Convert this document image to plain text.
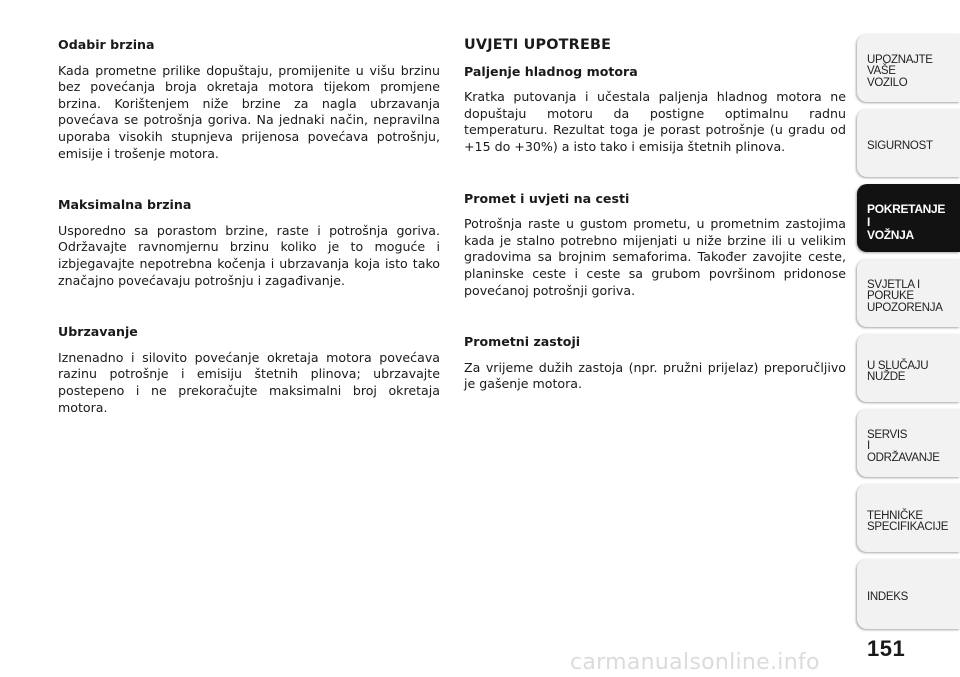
Odabir brzina

Kada prometne prilike dopuštaju, promijenite u višu brzinu bez povećanja broja okretaja motora tijekom promjene brzina. Korištenjem niže brzine za nagla ubrzavanja povećava se potrošnja goriva. Na jednaki način, nepravilna uporaba visokih stupnjeva prijenosa povećava potrošnju, emisije i trošenje motora.

Maksimalna brzina

Usporedno sa porastom brzine, raste i potrošnja goriva. Održavajte ravnomjernu brzinu koliko je to moguće i izbjegavajte nepotrebna kočenja i ubrzavanja koja isto tako značajno povećavaju potrošnju i zagađivanje.

Ubrzavanje

Iznenadno i silovito povećanje okretaja motora povećava razinu potrošnje i emisiju štetnih plinova; ubrzavajte postepeno i ne prekoračujte maksimalni broj okretaja motora.

UVJETI UPOTREBE

Paljenje hladnog motora

Kratka putovanja i učestala paljenja hladnog motora ne dopuštaju motoru da postigne optimalnu radnu temperaturu. Rezultat toga je porast potrošnje (u gradu od +15 do +30%) a isto tako i emisija štetnih plinova.

Promet i uvjeti na cesti

Potrošnja raste u gustom prometu, u prometnim zastojima kada je stalno potrebno mijenjati u niže brzine ili u velikim gradovima sa brojnim semaforima. Također zavojite ceste, planinske ceste i ceste sa grubom površinom pridonose povećanoj potrošnji goriva.

Prometni zastoji

Za vrijeme dužih zastoja (npr. pružni prijelaz) preporučljivo je gašenje motora.

UPOZNAJTE
VAŠE
VOZILO
SIGURNOST
POKRETANJE
I
VOŽNJA
SVJETLA I
PORUKE
UPOZORENJA
U SLUČAJU
NUŽDE
SERVIS
I
ODRŽAVANJE
TEHNIČKE
SPECIFIKACIJE
INDEKS
carmanualsonline.info
151
